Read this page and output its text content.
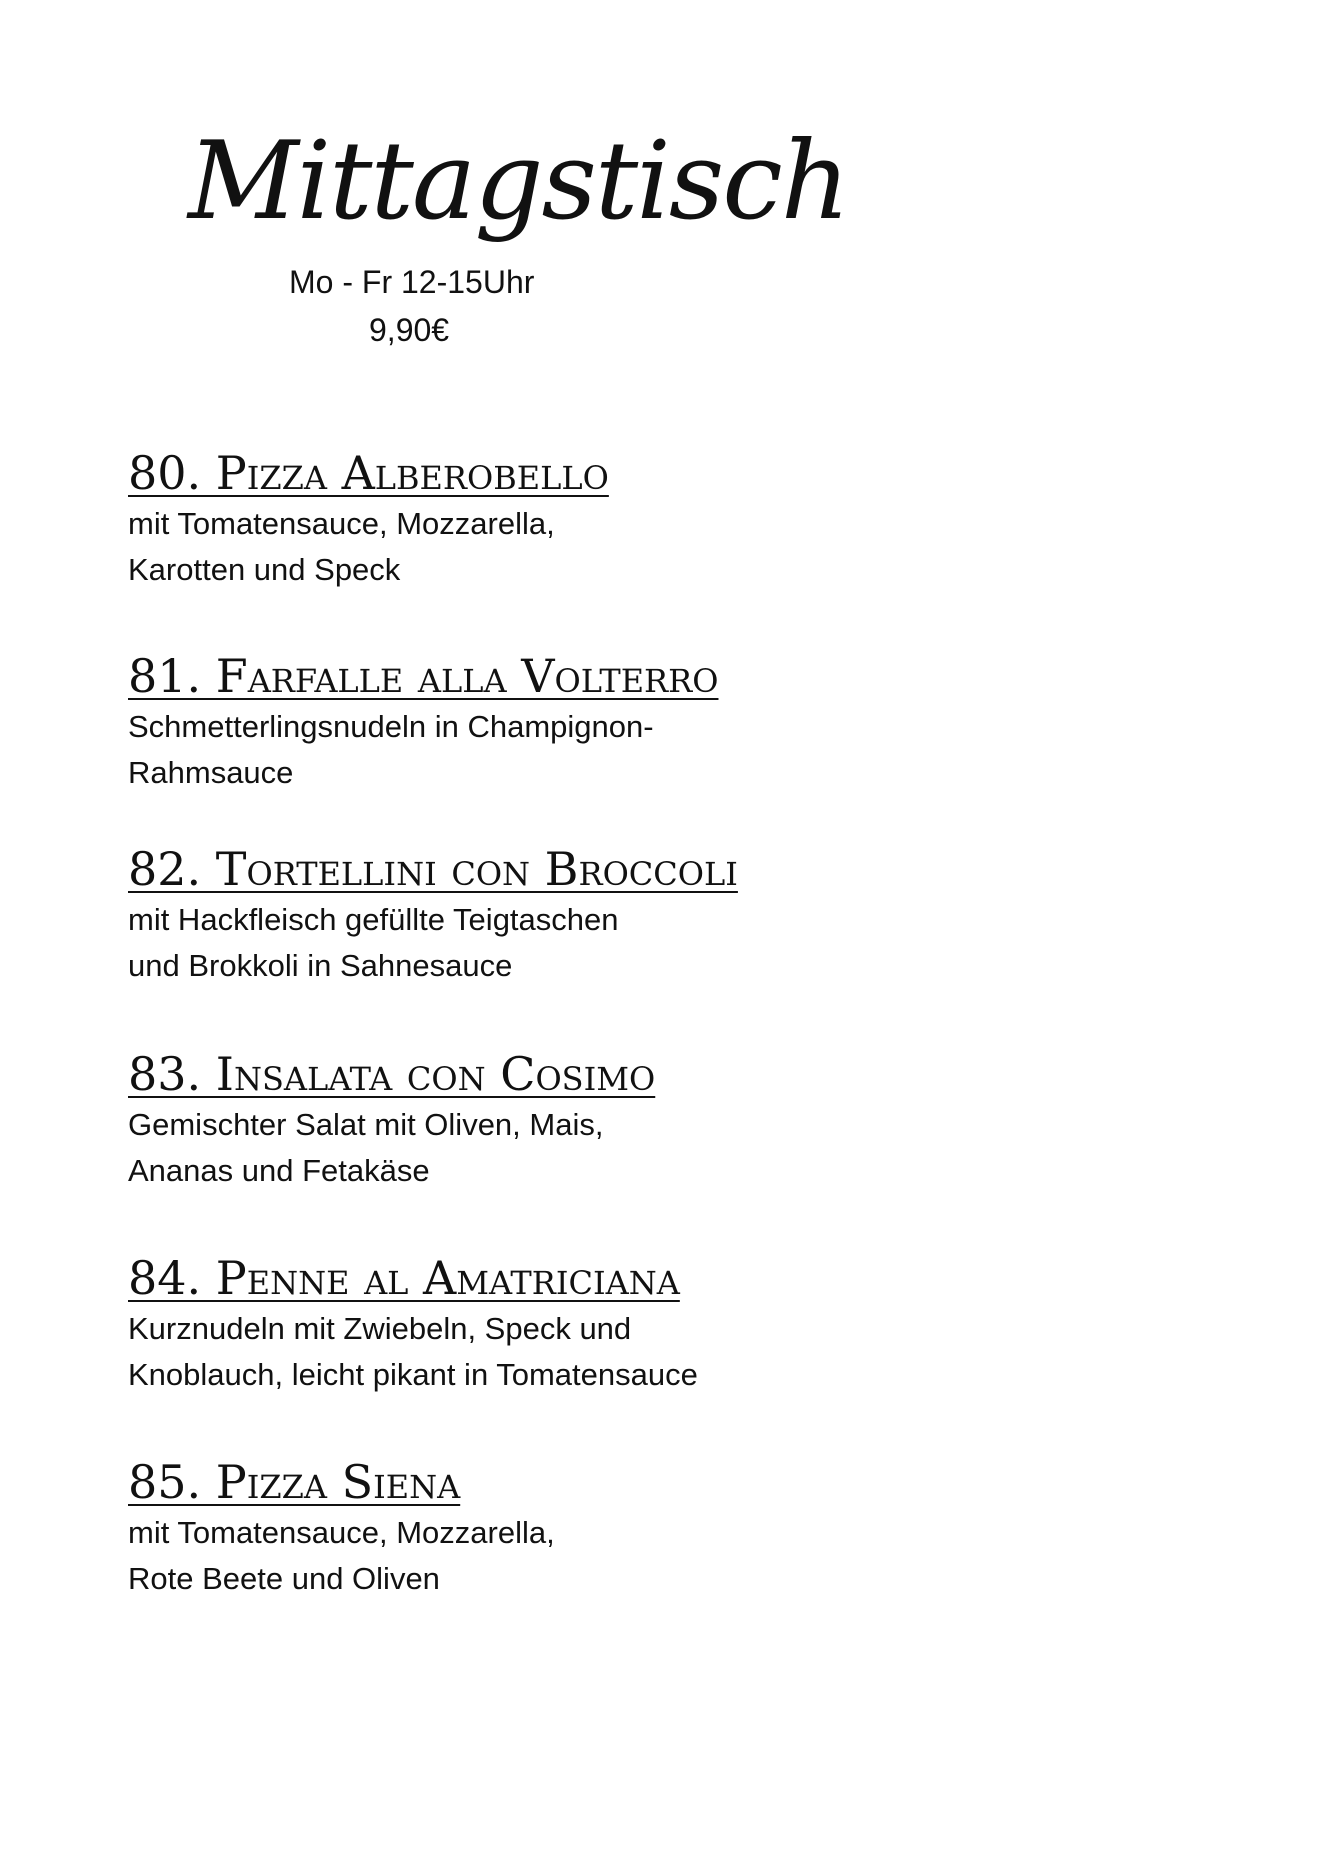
Mittagstisch
Mo - Fr 12-15Uhr
9,90€
80. Pizza Alberobello

mit Tomatensauce, Mozzarella,
Karotten und Speck

81. Farfalle alla Volterro

Schmetterlingsnudeln in Champignon-
Rahmsauce

82. Tortellini con Broccoli

mit Hackfleisch gefüllte Teigtaschen
und Brokkoli in Sahnesauce

83. Insalata con Cosimo

Gemischter Salat mit Oliven, Mais,
Ananas und Fetakäse

84. Penne al Amatriciana

Kurznudeln mit Zwiebeln, Speck und
Knoblauch, leicht pikant in Tomatensauce

85. Pizza Siena

mit Tomatensauce, Mozzarella,
Rote Beete und Oliven
